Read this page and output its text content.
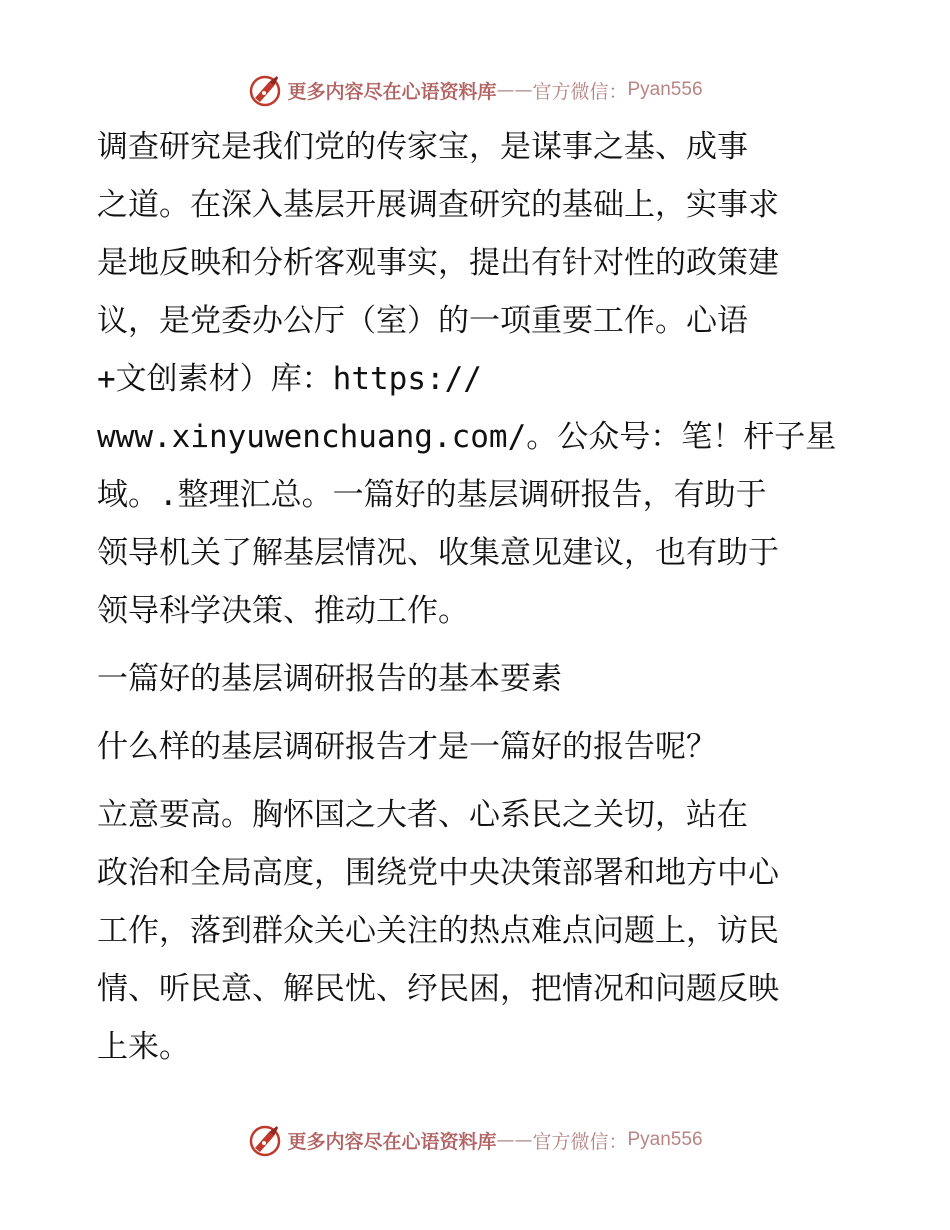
更多内容尽在心语资料库 —— 官方微信： Pyan556
调查研究是我们党的传家宝，是谋事之基、成事
之道。在深入基层开展调查研究的基础上，实事求
是地反映和分析客观事实，提出有针对性的政策建
议，是党委办公厅（室）的一项重要工作。心语
+文创素材）库：https://
www.xinyuwenchuang.com/。公众号：笔！杆子星
域。.整理汇总。一篇好的基层调研报告，有助于
领导机关了解基层情况、收集意见建议，也有助于
领导科学决策、推动工作。
一篇好的基层调研报告的基本要素
什么样的基层调研报告才是一篇好的报告呢？
立意要高。胸怀国之大者、心系民之关切，站在
政治和全局高度，围绕党中央决策部署和地方中心
工作，落到群众关心关注的热点难点问题上，访民
情、听民意、解民忧、纾民困，把情况和问题反映
上来。
更多内容尽在心语资料库 —— 官方微信： Pyan556
